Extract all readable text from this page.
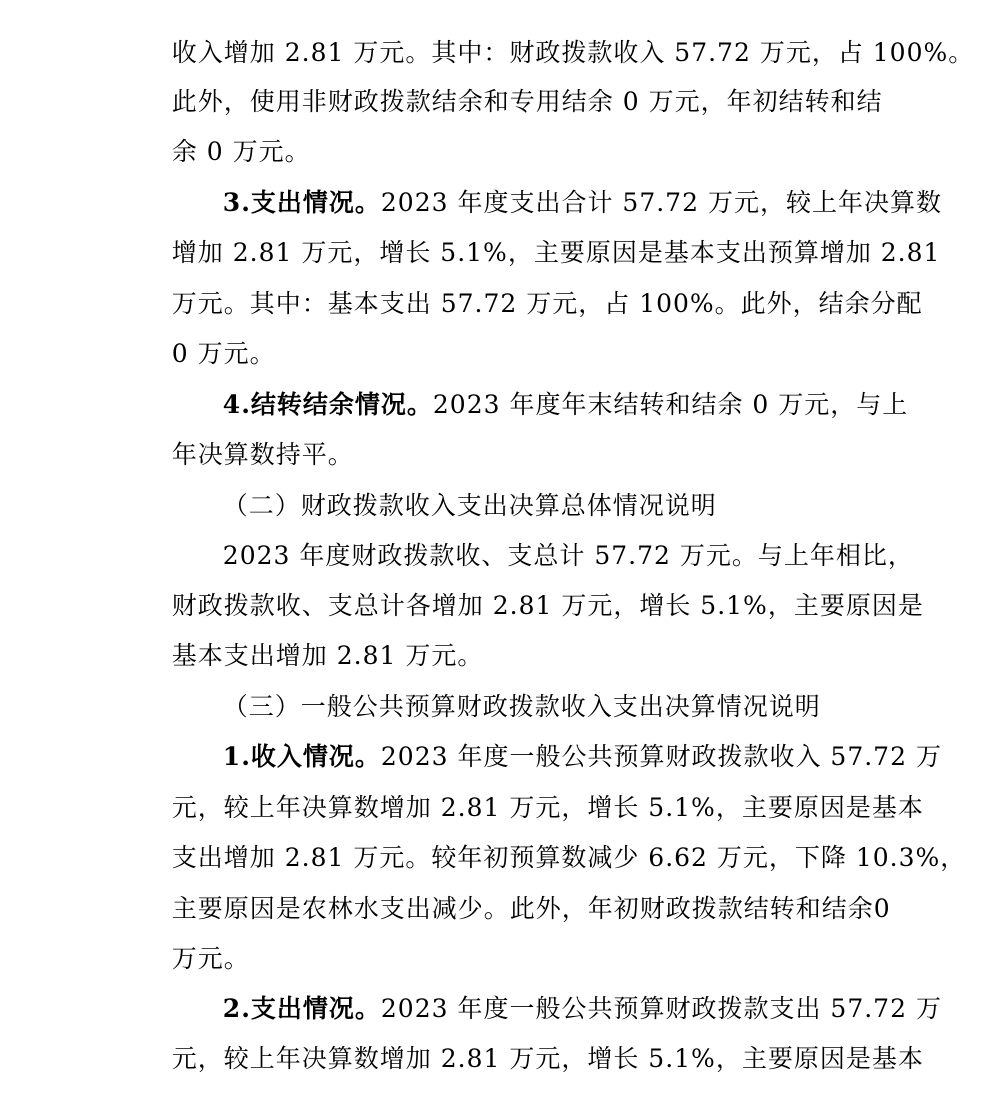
收入增加 2.81 万元。其中：财政拨款收入 57.72 万元，占 100%。

此外，使用非财政拨款结余和专用结余 0 万元，年初结转和结

余 0 万元。

3.支出情况。2023 年度支出合计 57.72 万元，较上年决算数

增加 2.81 万元，增长 5.1%，主要原因是基本支出预算增加 2.81

万元。其中：基本支出 57.72 万元，占 100%。此外，结余分配

0 万元。

4.结转结余情况。2023 年度年末结转和结余 0 万元，与上

年决算数持平。

（二）财政拨款收入支出决算总体情况说明

2023 年度财政拨款收、支总计 57.72 万元。与上年相比，

财政拨款收、支总计各增加 2.81 万元，增长 5.1%，主要原因是

基本支出增加 2.81 万元。

（三）一般公共预算财政拨款收入支出决算情况说明

1.收入情况。2023 年度一般公共预算财政拨款收入 57.72 万

元，较上年决算数增加 2.81 万元，增长 5.1%，主要原因是基本

支出增加 2.81 万元。较年初预算数减少 6.62 万元，下降 10.3%，

主要原因是农林水支出减少。此外，年初财政拨款结转和结余0

万元。

2.支出情况。2023 年度一般公共预算财政拨款支出 57.72 万

元，较上年决算数增加 2.81 万元，增长 5.1%，主要原因是基本
